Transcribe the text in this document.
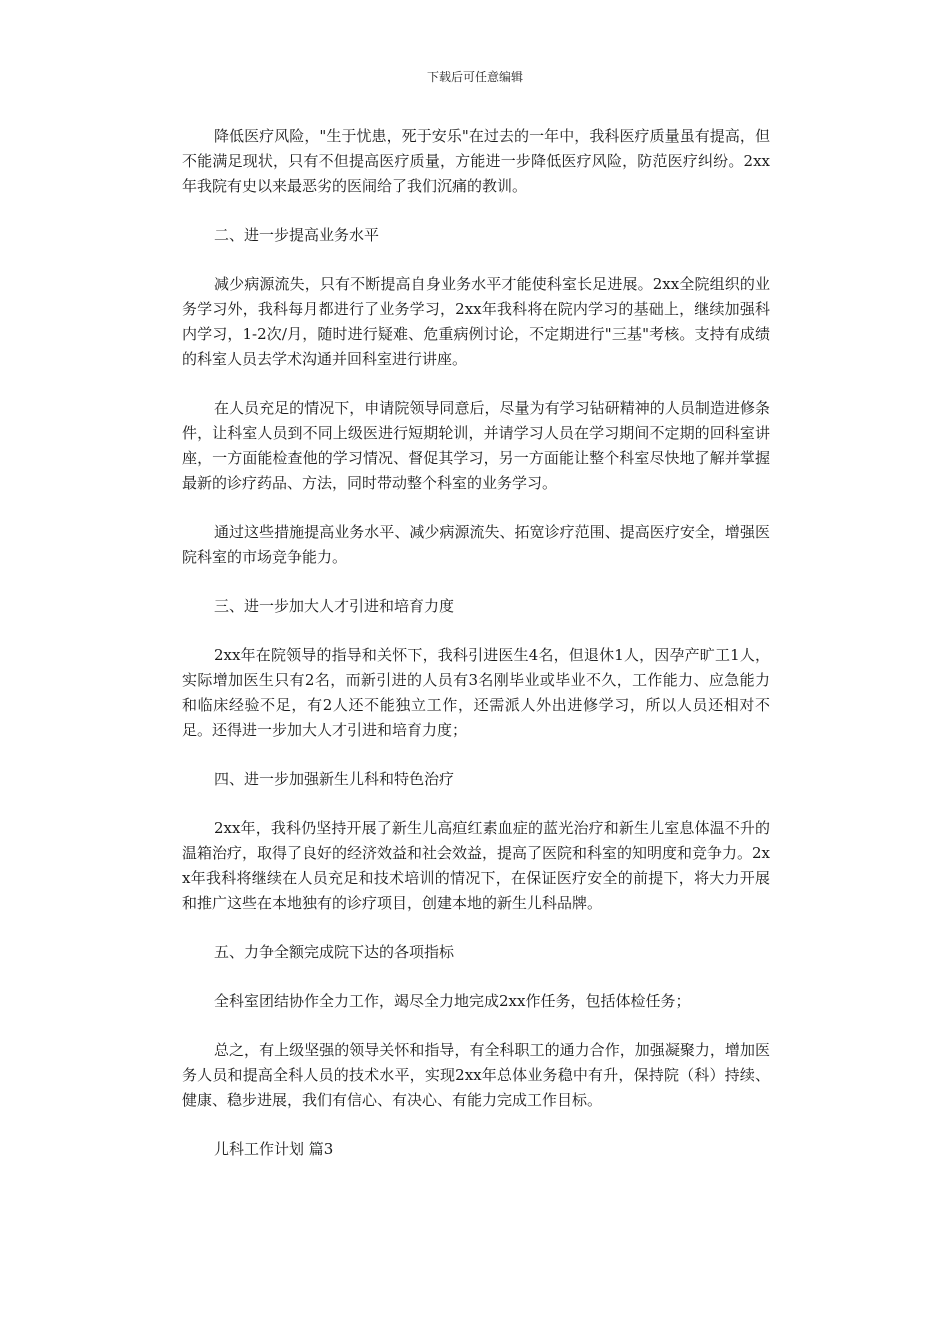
下载后可任意编辑

降低医疗风险，"生于忧患，死于安乐"在过去的一年中，我科医疗质量虽有提高，但不能满足现状，只有不但提高医疗质量，方能进一步降低医疗风险，防范医疗纠纷。2xx年我院有史以来最恶劣的医闹给了我们沉痛的教训。

二、进一步提高业务水平

减少病源流失，只有不断提高自身业务水平才能使科室长足进展。2xx全院组织的业务学习外，我科每月都进行了业务学习，2xx年我科将在院内学习的基础上，继续加强科内学习，1-2次/月，随时进行疑难、危重病例讨论，不定期进行"三基"考核。支持有成绩的科室人员去学术沟通并回科室进行讲座。

在人员充足的情况下，申请院领导同意后，尽量为有学习钻研精神的人员制造进修条件，让科室人员到不同上级医进行短期轮训，并请学习人员在学习期间不定期的回科室讲座，一方面能检查他的学习情况、督促其学习，另一方面能让整个科室尽快地了解并掌握最新的诊疗药品、方法，同时带动整个科室的业务学习。

通过这些措施提高业务水平、减少病源流失、拓宽诊疗范围、提高医疗安全，增强医院科室的市场竞争能力。

三、进一步加大人才引进和培育力度

2xx年在院领导的指导和关怀下，我科引进医生4名，但退休1人，因孕产旷工1人，实际增加医生只有2名，而新引进的人员有3名刚毕业或毕业不久，工作能力、应急能力和临床经验不足，有2人还不能独立工作，还需派人外出进修学习，所以人员还相对不足。还得进一步加大人才引进和培育力度；

四、进一步加强新生儿科和特色治疗

2xx年，我科仍坚持开展了新生儿高疸红素血症的蓝光治疗和新生儿室息体温不升的温箱治疗，取得了良好的经济效益和社会效益，提高了医院和科室的知明度和竞争力。2xx年我科将继续在人员充足和技术培训的情况下，在保证医疗安全的前提下，将大力开展和推广这些在本地独有的诊疗项目，创建本地的新生儿科品牌。

五、力争全额完成院下达的各项指标

全科室团结协作全力工作，竭尽全力地完成2xx作任务，包括体检任务；

总之，有上级坚强的领导关怀和指导，有全科职工的通力合作，加强凝聚力，增加医务人员和提高全科人员的技术水平，实现2xx年总体业务稳中有升，保持院（科）持续、健康、稳步进展，我们有信心、有决心、有能力完成工作目标。

儿科工作计划 篇3
